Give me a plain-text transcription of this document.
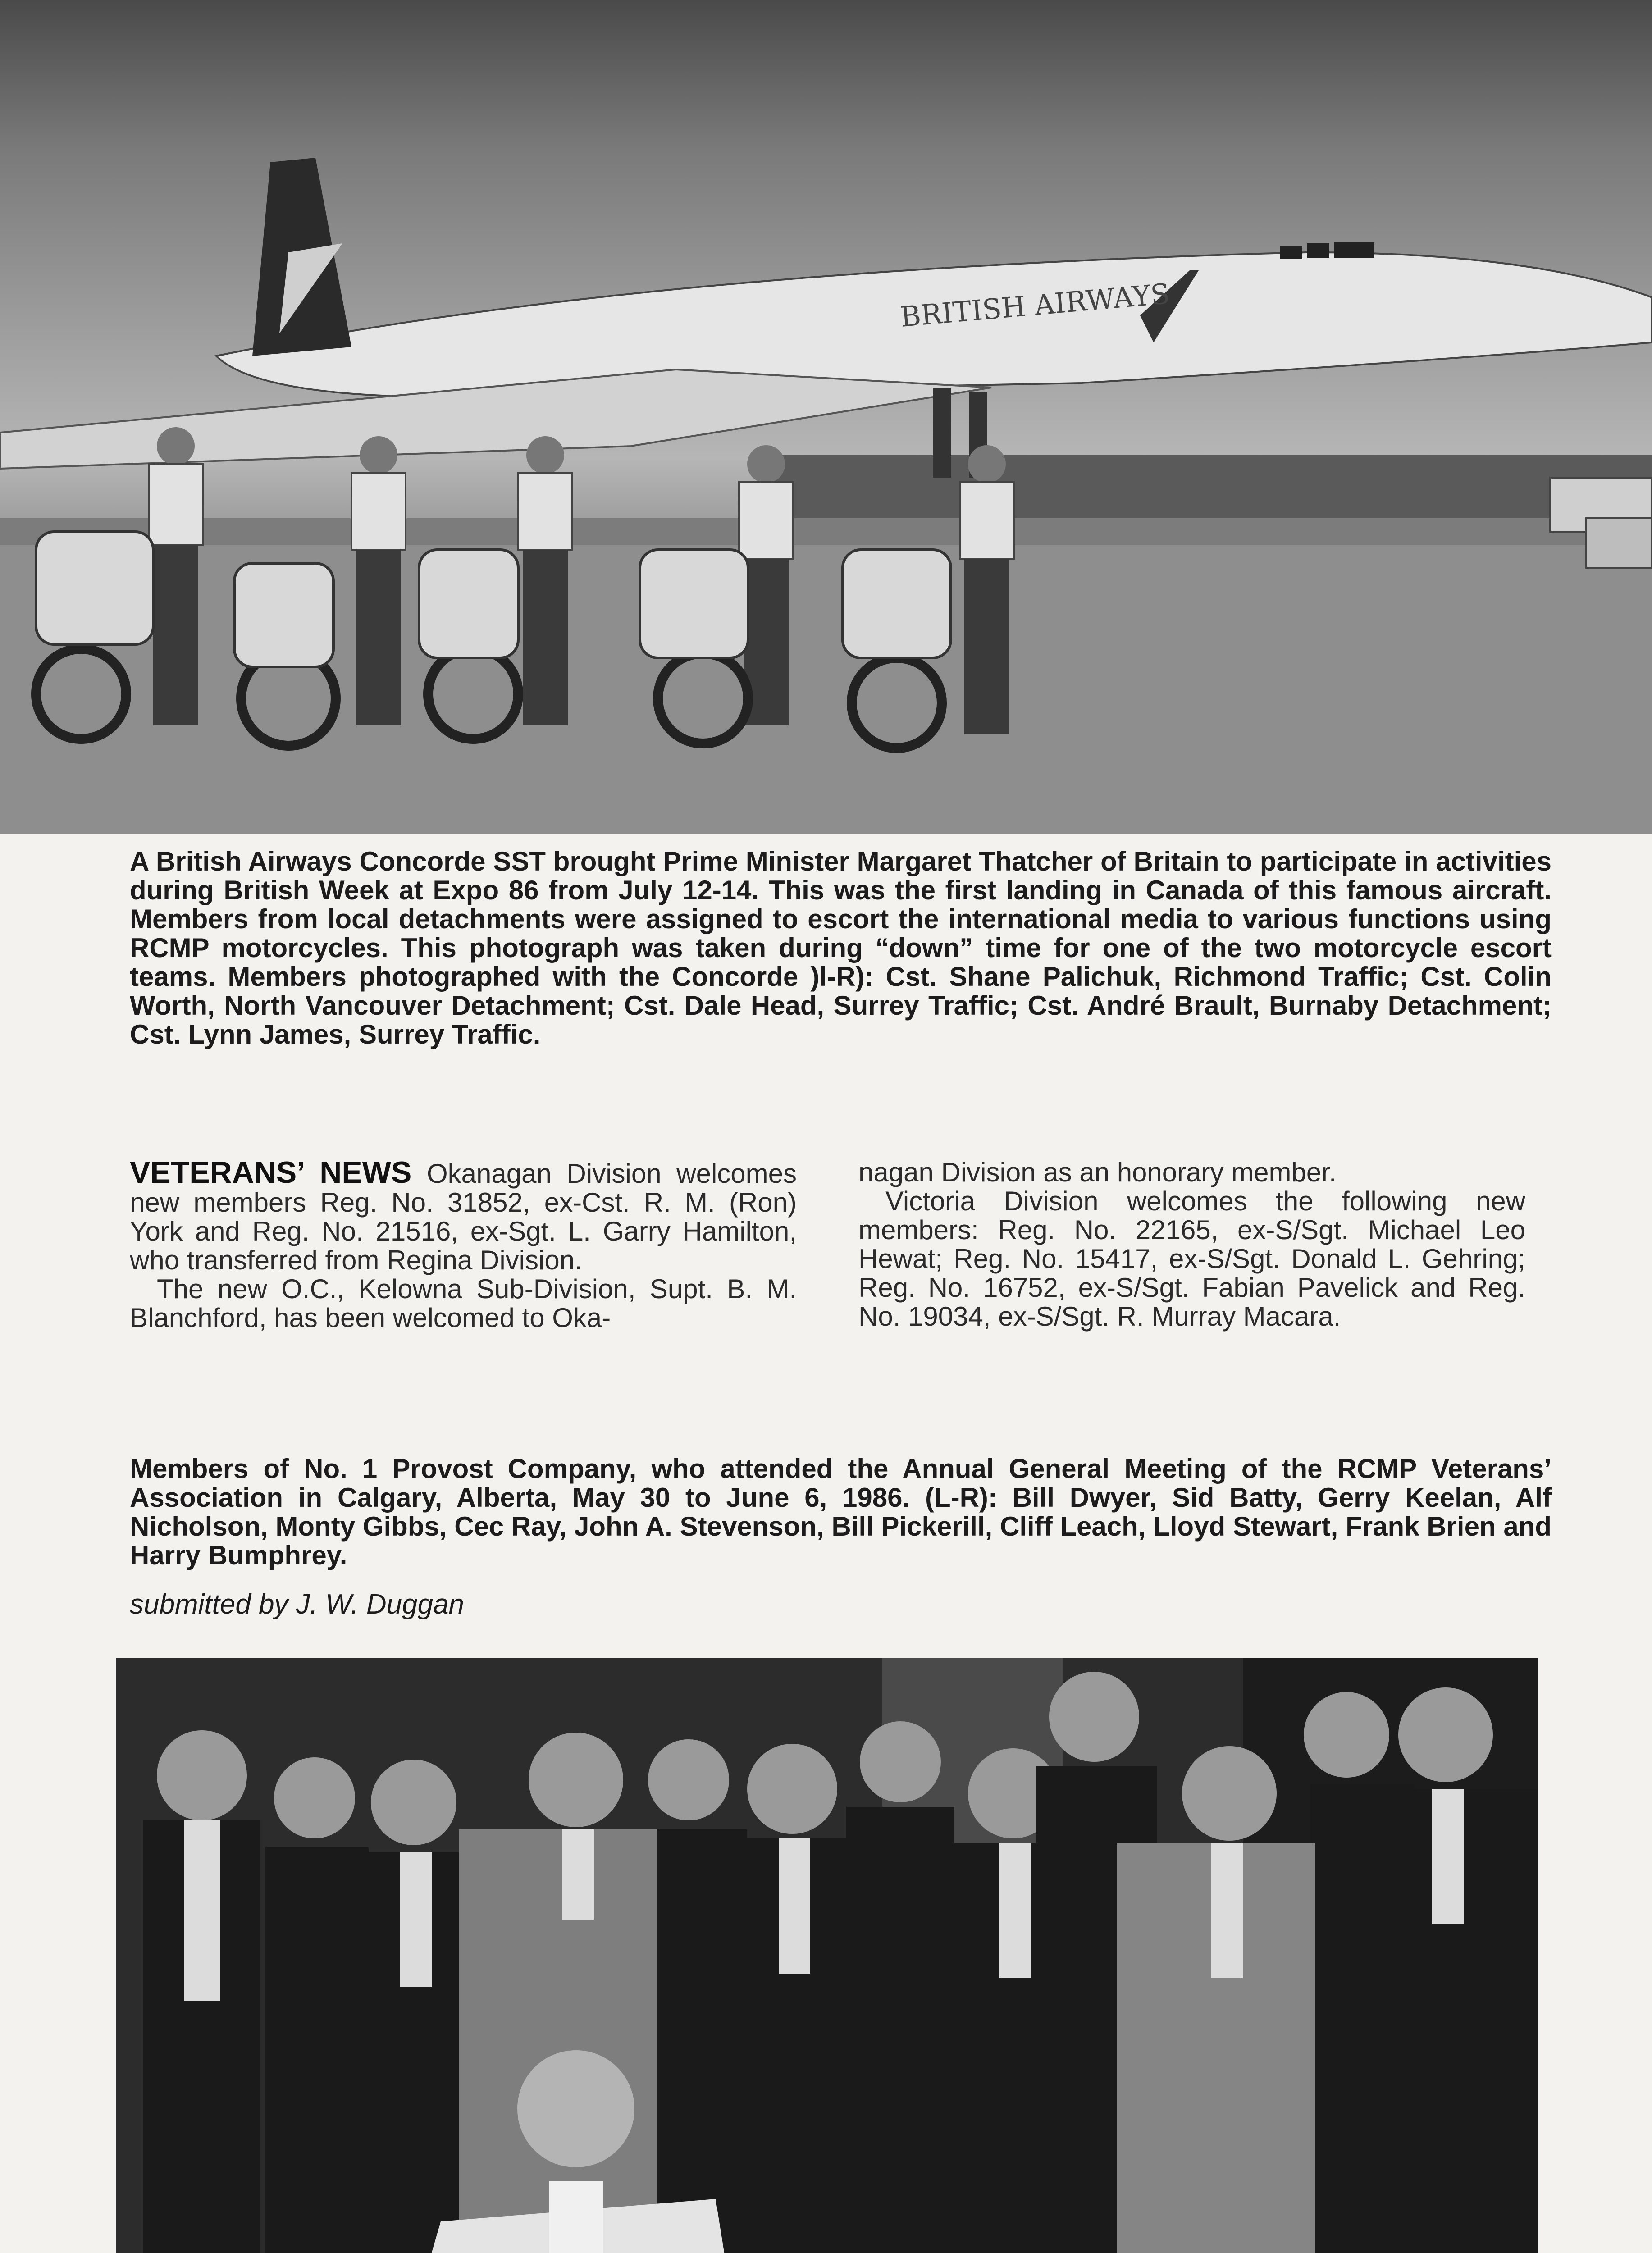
BRITISH AIRWAYS

A British Airways Concorde SST brought Prime Minister Margaret Thatcher of Britain to participate in activities during British Week at Expo 86 from July 12-14. This was the first landing in Canada of this famous aircraft. Members from local detachments were assigned to escort the international media to various functions using RCMP motorcycles. This photograph was taken during “down” time for one of the two motorcycle escort teams. Members photographed with the Concorde )l-R): Cst. Shane Palichuk, Richmond Traffic; Cst. Colin Worth, North Vancouver Detachment; Cst. Dale Head, Surrey Traffic; Cst. André Brault, Burnaby Detachment; Cst. Lynn James, Surrey Traffic.

VETERANS’ NEWS Okanagan Division welcomes new members Reg. No. 31852, ex-Cst. R. M. (Ron) York and Reg. No. 21516, ex-Sgt. L. Garry Hamilton, who transferred from Regina Division.

The new O.C., Kelowna Sub-Division, Supt. B. M. Blanchford, has been welcomed to Oka-

nagan Division as an honorary member.

Victoria Division welcomes the following new members: Reg. No. 22165, ex-S/Sgt. Michael Leo Hewat; Reg. No. 15417, ex-S/Sgt. Donald L. Gehring; Reg. No. 16752, ex-S/Sgt. Fabian Pavelick and Reg. No. 19034, ex-S/Sgt. R. Murray Macara.

Members of No. 1 Provost Company, who attended the Annual General Meeting of the RCMP Veterans’ Association in Calgary, Alberta, May 30 to June 6, 1986. (L-R): Bill Dwyer, Sid Batty, Gerry Keelan, Alf Nicholson, Monty Gibbs, Cec Ray, John A. Stevenson, Bill Pickerill, Cliff Leach, Lloyd Stewart, Frank Brien and Harry Bumphrey.

submitted by J. W. Duggan
